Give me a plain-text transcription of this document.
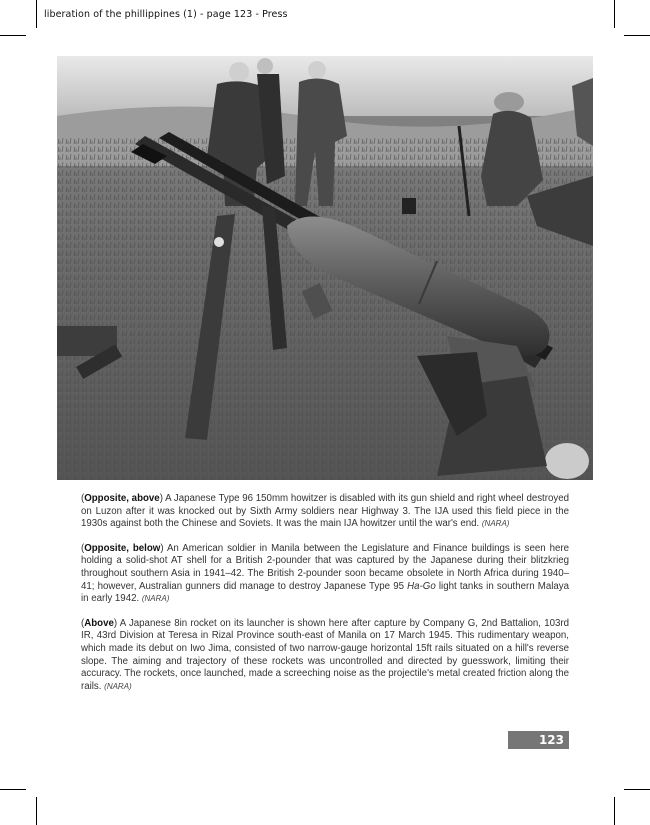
liberation of the phillippines (1) - page 123 - Press

(Opposite, above) A Japanese Type 96 150mm howitzer is disabled with its gun shield and right wheel destroyed on Luzon after it was knocked out by Sixth Army soldiers near Highway 3. The IJA used this field piece in the 1930s against both the Chinese and Soviets. It was the main IJA howitzer until the war's end. (NARA)

(Opposite, below) An American soldier in Manila between the Legislature and Finance buildings is seen here holding a solid-shot AT shell for a British 2-pounder that was captured by the Japanese during their blitzkrieg throughout southern Asia in 1941–42. The British 2-pounder soon became obsolete in North Africa during 1940–41; however, Australian gunners did manage to destroy Japanese Type 95 Ha-Go light tanks in southern Malaya in early 1942. (NARA)

(Above) A Japanese 8in rocket on its launcher is shown here after capture by Company G, 2nd Battalion, 103rd IR, 43rd Division at Teresa in Rizal Province south-east of Manila on 17 March 1945. This rudimentary weapon, which made its debut on Iwo Jima, consisted of two narrow-gauge horizontal 15ft rails situated on a hill's reverse slope. The aiming and trajectory of these rockets was uncontrolled and directed by guesswork, limiting their accuracy. The rockets, once launched, made a screeching noise as the projectile's metal created friction along the rails. (NARA)

123
